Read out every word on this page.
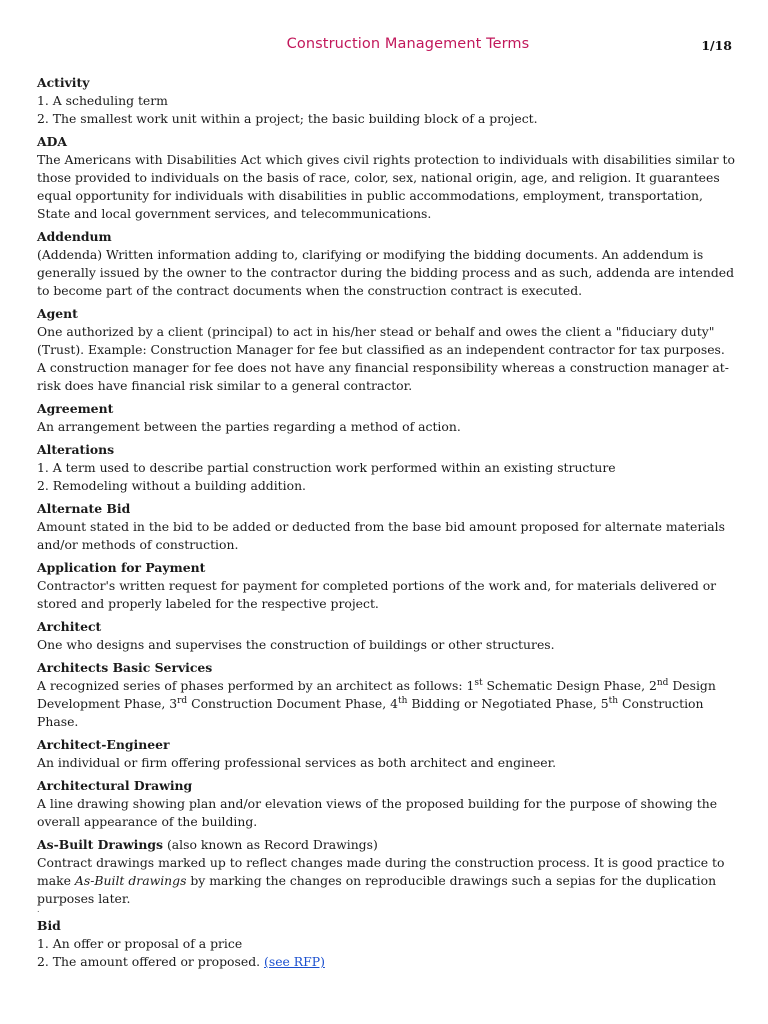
Construction Management Terms	1/18
Activity
1. A scheduling term
2. The smallest work unit within a project; the basic building block of a project.
ADA
The Americans with Disabilities Act which gives civil rights protection to individuals with disabilities similar to those provided to individuals on the basis of race, color, sex, national origin, age, and religion. It guarantees equal opportunity for individuals with disabilities in public accommodations, employment, transportation, State and local government services, and telecommunications.
Addendum
(Addenda) Written information adding to, clarifying or modifying the bidding documents. An addendum is generally issued by the owner to the contractor during the bidding process and as such, addenda are intended to become part of the contract documents when the construction contract is executed.
Agent
One authorized by a client (principal) to act in his/her stead or behalf and owes the client a "fiduciary duty" (Trust). Example: Construction Manager for fee but classified as an independent contractor for tax purposes. A construction manager for fee does not have any financial responsibility whereas a construction manager at-risk does have financial risk similar to a general contractor.
Agreement
An arrangement between the parties regarding a method of action.
Alterations
1. A term used to describe partial construction work performed within an existing structure
2. Remodeling without a building addition.
Alternate Bid
Amount stated in the bid to be added or deducted from the base bid amount proposed for alternate materials and/or methods of construction.
Application for Payment
Contractor's written request for payment for completed portions of the work and, for materials delivered or stored and properly labeled for the respective project.
Architect
One who designs and supervises the construction of buildings or other structures.
Architects Basic Services
A recognized series of phases performed by an architect as follows: 1st Schematic Design Phase, 2nd Design Development Phase, 3rd Construction Document Phase, 4th Bidding or Negotiated Phase, 5th Construction Phase.
Architect-Engineer
An individual or firm offering professional services as both architect and engineer.
Architectural Drawing
A line drawing showing plan and/or elevation views of the proposed building for the purpose of showing the overall appearance of the building.
As-Built Drawings (also known as Record Drawings)
Contract drawings marked up to reflect changes made during the construction process. It is good practice to make As-Built drawings by marking the changes on reproducible drawings such a sepias for the duplication purposes later.
.
Bid
1. An offer or proposal of a price
2. The amount offered or proposed. (see RFP)
